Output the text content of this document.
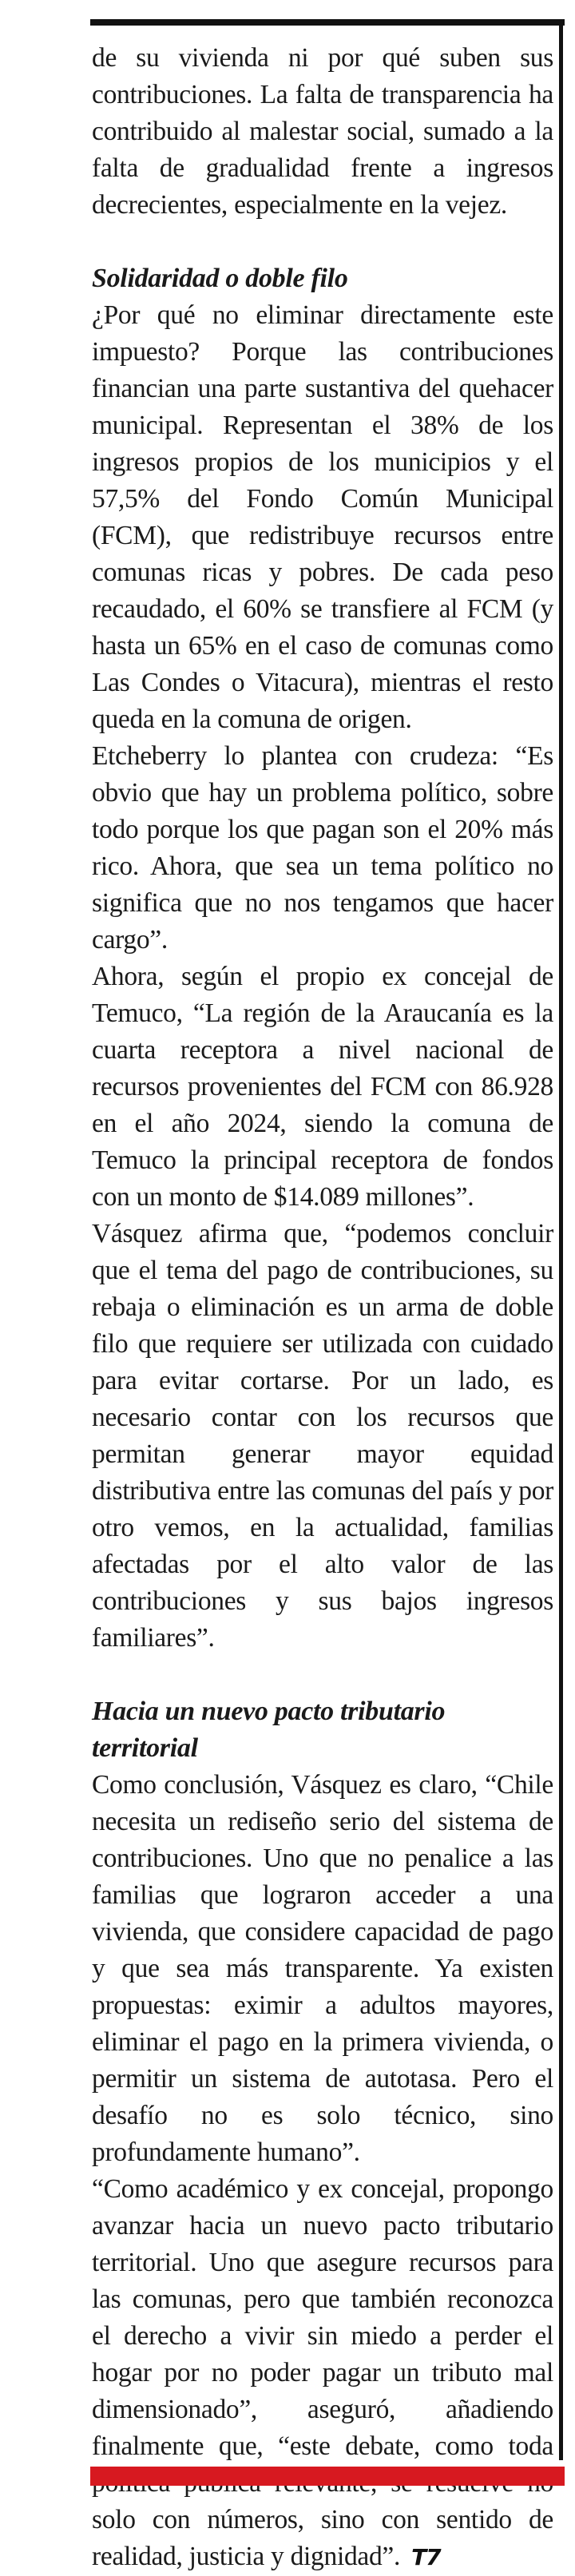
de su vivienda ni por qué suben sus contribuciones. La falta de transparencia ha contribuido al malestar social, sumado a la falta de gradualidad frente a ingresos decrecientes, especialmente en la vejez.

Solidaridad o doble filo

¿Por qué no eliminar directamente este impuesto? Porque las contribuciones financian una parte sustantiva del quehacer municipal. Representan el 38% de los ingresos propios de los municipios y el 57,5% del Fondo Común Municipal (FCM), que redistribuye recursos entre comunas ricas y pobres. De cada peso recaudado, el 60% se transfiere al FCM (y hasta un 65% en el caso de comunas como Las Condes o Vitacura), mientras el resto queda en la comuna de origen.

Etcheberry lo plantea con crudeza: “Es obvio que hay un problema político, sobre todo porque los que pagan son el 20% más rico. Ahora, que sea un tema político no significa que no nos tengamos que hacer cargo”.

Ahora, según el propio ex concejal de Temuco, “La región de la Araucanía es la cuarta receptora a nivel nacional de recursos provenientes del FCM con 86.928 en el año 2024, siendo la comuna de Temuco la principal receptora de fondos con un monto de $14.089 millones”.

Vásquez afirma que, “podemos concluir que el tema del pago de contribuciones, su rebaja o eliminación es un arma de doble filo que requiere ser utilizada con cuidado para evitar cortarse. Por un lado, es necesario contar con los recursos que permitan generar mayor equidad distributiva entre las comunas del país y por otro vemos, en la actualidad, familias afectadas por el alto valor de las contribuciones y sus bajos ingresos familiares”.

Hacia un nuevo pacto tributario territorial

Como conclusión, Vásquez es claro, “Chile necesita un rediseño serio del sistema de contribuciones. Uno que no penalice a las familias que lograron acceder a una vivienda, que considere capacidad de pago y que sea más transparente. Ya existen propuestas: eximir a adultos mayores, eliminar el pago en la primera vivienda, o permitir un sistema de autotasa. Pero el desafío no es solo técnico, sino profundamente humano”.

“Como académico y ex concejal, propongo avanzar hacia un nuevo pacto tributario territorial. Uno que asegure recursos para las comunas, pero que también reconozca el derecho a vivir sin miedo a perder el hogar por no poder pagar un tributo mal dimensionado”, aseguró, añadiendo finalmente que, “este debate, como toda solo con números, sino con sentido de realidad, justicia y dignidad”. T7
